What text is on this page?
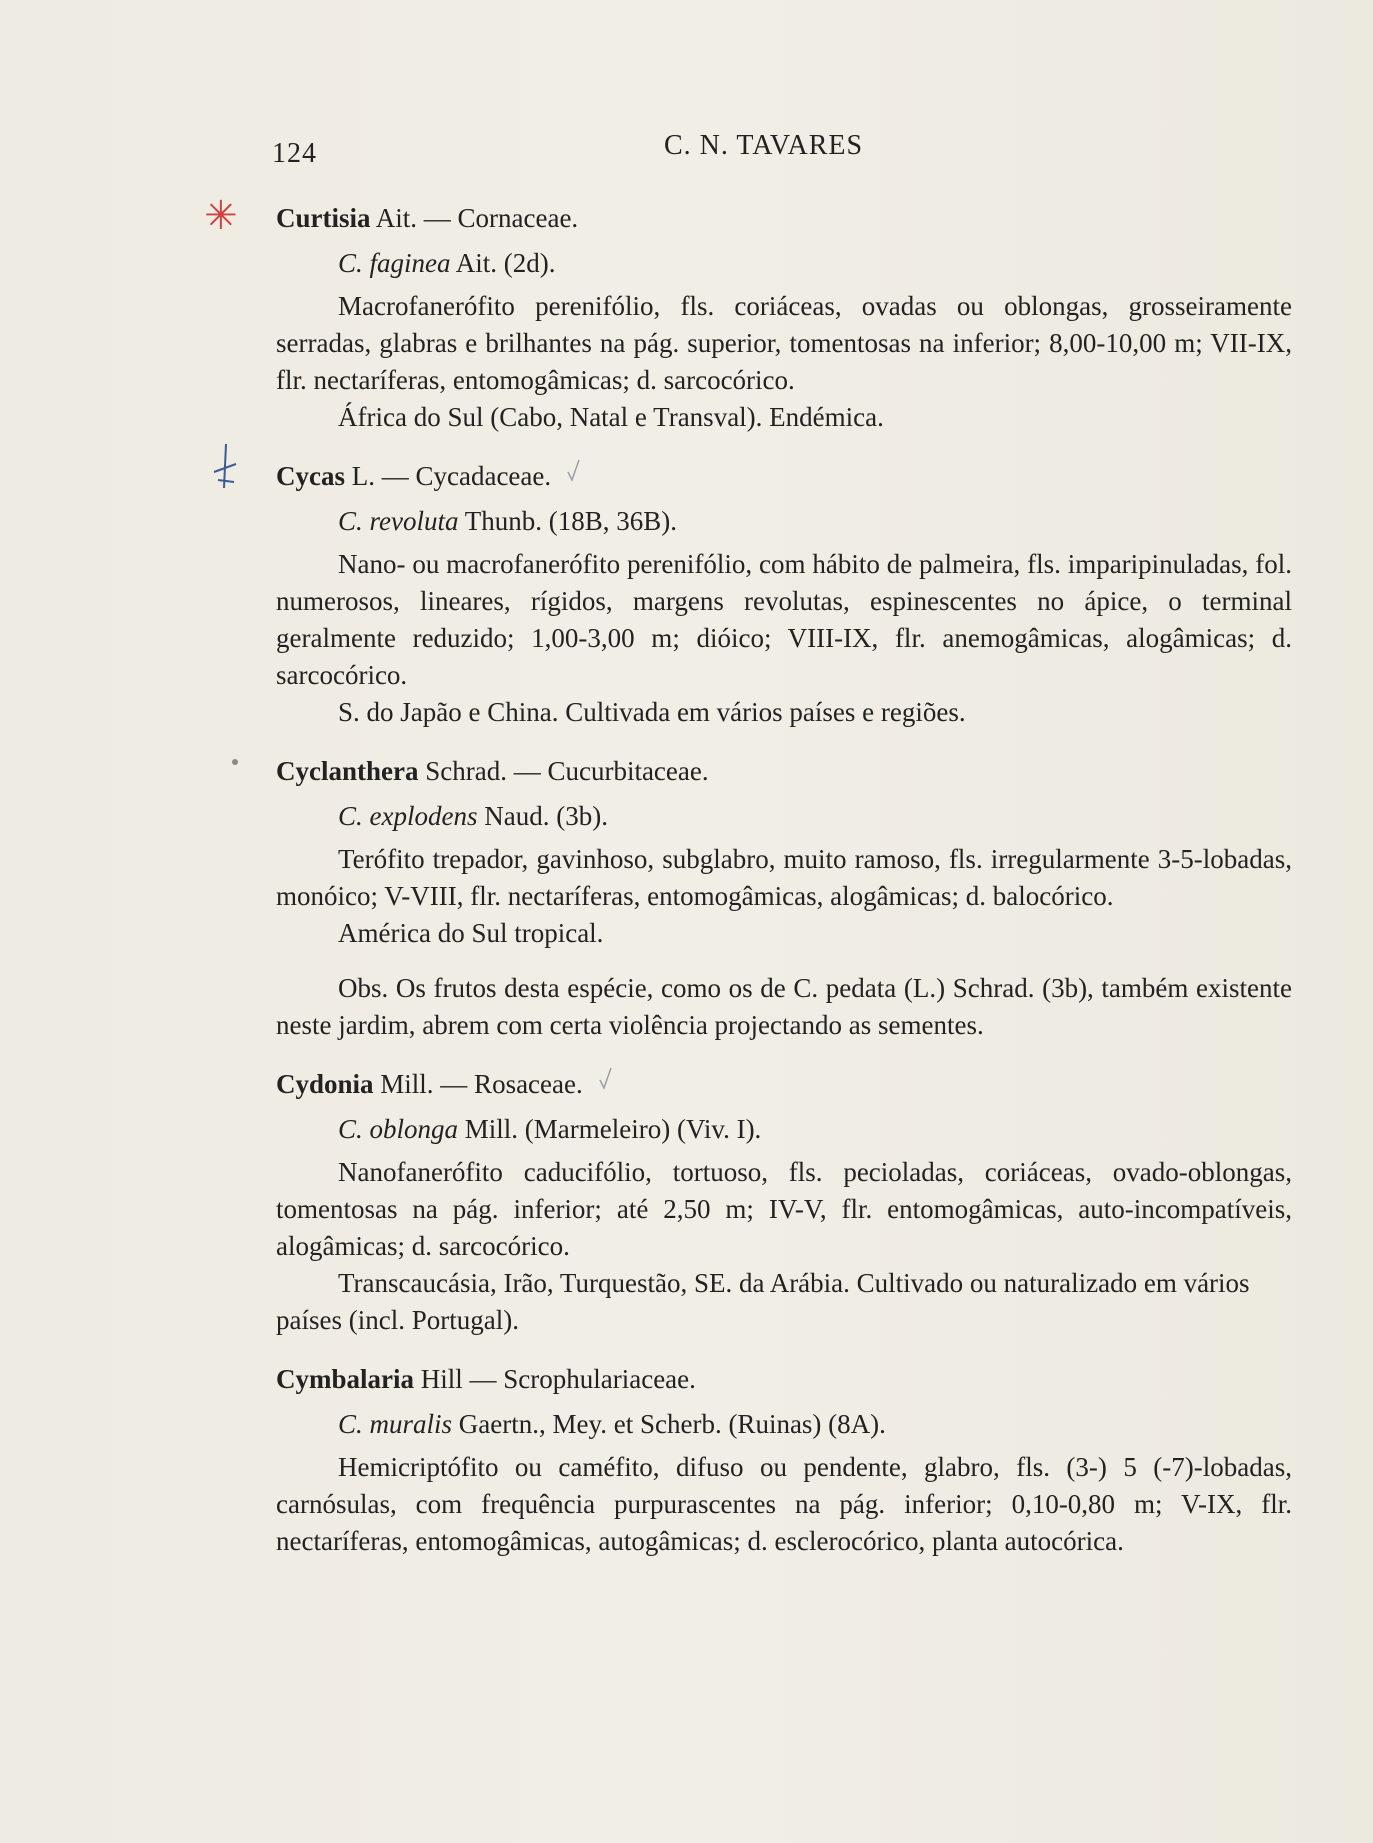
124	C. N. TAVARES
✳ Curtisia Ait. — Cornaceae.

C. faginea Ait. (2d).

Macrofanerófito perenifólio, fls. coriáceas, ovadas ou oblongas, grosseiramente serradas, glabras e brilhantes na pág. superior, tomentosas na inferior; 8,00-10,00 m; VII-IX, flr. nectaríferas, entomogâmicas; d. sarcocórico.

África do Sul (Cabo, Natal e Transval). Endémica.

Cycas L. — Cycadaceae.

C. revoluta Thunb. (18B, 36B).

Nano- ou macrofanerófito perenifólio, com hábito de palmeira, fls. imparipinuladas, fol. numerosos, lineares, rígidos, margens revolutas, espinescentes no ápice, o terminal geralmente reduzido; 1,00-3,00 m; dióico; VIII-IX, flr. anemogâmicas, alogâmicas; d. sarcocórico.

S. do Japão e China. Cultivada em vários países e regiões.

Cyclanthera Schrad. — Cucurbitaceae.

C. explodens Naud. (3b).

Terófito trepador, gavinhoso, subglabro, muito ramoso, fls. irregularmente 3-5-lobadas, monóico; V-VIII, flr. nectaríferas, entomogâmicas, alogâmicas; d. balocórico.

América do Sul tropical.

Obs. Os frutos desta espécie, como os de C. pedata (L.) Schrad. (3b), também existente neste jardim, abrem com certa violência projectando as sementes.

Cydonia Mill. — Rosaceae.

C. oblonga Mill. (Marmeleiro) (Viv. I).

Nanofanerófito caducifólio, tortuoso, fls. pecioladas, coriáceas, ovado-oblongas, tomentosas na pág. inferior; até 2,50 m; IV-V, flr. entomogâmicas, auto-incompatíveis, alogâmicas; d. sarcocórico.

Transcaucásia, Irão, Turquestão, SE. da Arábia. Cultivado ou naturalizado em vários países (incl. Portugal).

Cymbalaria Hill — Scrophulariaceae.

C. muralis Gaertn., Mey. et Scherb. (Ruinas) (8A).

Hemicriptófito ou caméfito, difuso ou pendente, glabro, fls. (3-) 5 (-7)-lobadas, carnósulas, com frequência purpurascentes na pág. inferior; 0,10-0,80 m; V-IX, flr. nectaríferas, entomogâmicas, autogâmicas; d. esclerocórico, planta autocórica.
